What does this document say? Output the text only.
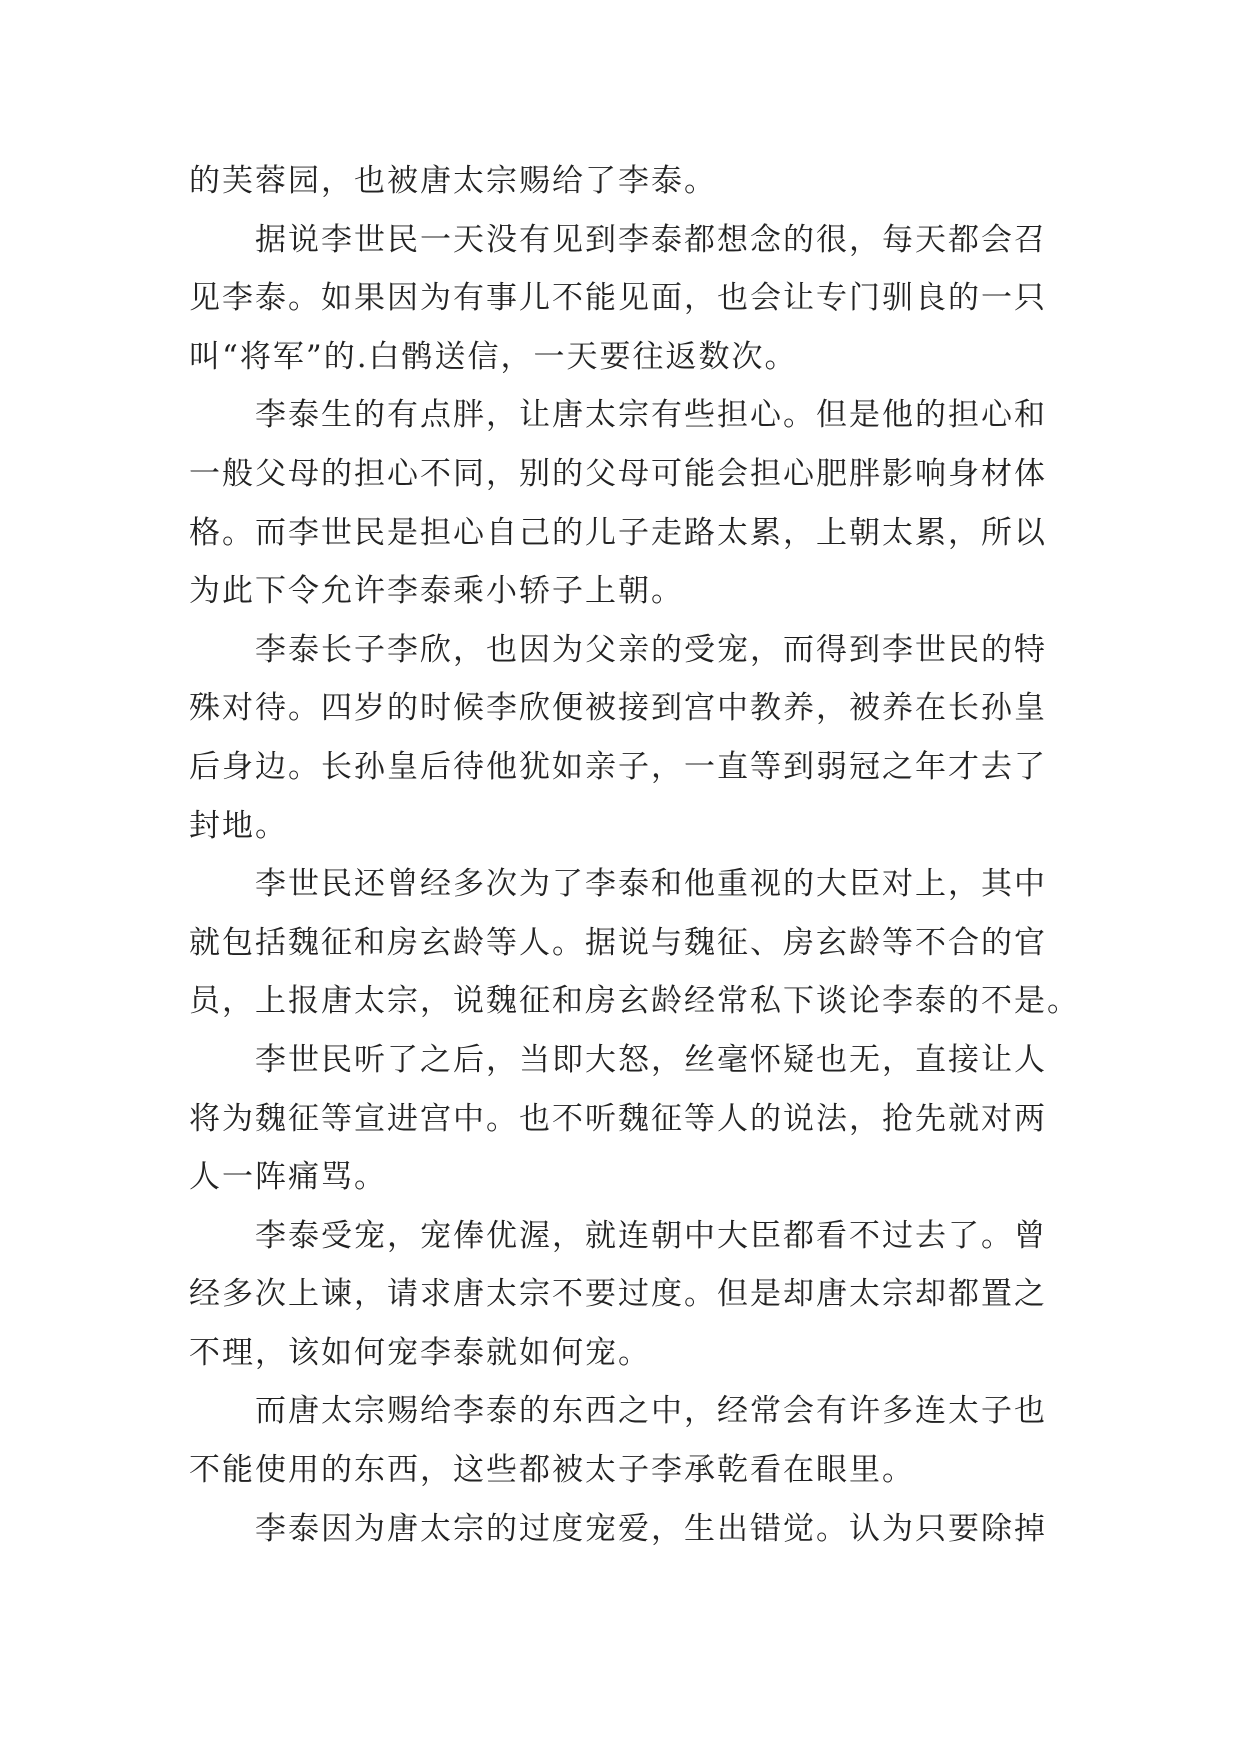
的芙蓉园，也被唐太宗赐给了李泰。
据说李世民一天没有见到李泰都想念的很，每天都会召
见李泰。如果因为有事儿不能见面，也会让专门驯良的一只
叫“将军”的.白鹘送信，一天要往返数次。
李泰生的有点胖，让唐太宗有些担心。但是他的担心和
一般父母的担心不同，别的父母可能会担心肥胖影响身材体
格。而李世民是担心自己的儿子走路太累，上朝太累，所以
为此下令允许李泰乘小轿子上朝。
李泰长子李欣，也因为父亲的受宠，而得到李世民的特
殊对待。四岁的时候李欣便被接到宫中教养，被养在长孙皇
后身边。长孙皇后待他犹如亲子，一直等到弱冠之年才去了
封地。
李世民还曾经多次为了李泰和他重视的大臣对上，其中
就包括魏征和房玄龄等人。据说与魏征、房玄龄等不合的官
员，上报唐太宗，说魏征和房玄龄经常私下谈论李泰的不是。
李世民听了之后，当即大怒，丝毫怀疑也无，直接让人
将为魏征等宣进宫中。也不听魏征等人的说法，抢先就对两
人一阵痛骂。
李泰受宠，宠俸优渥，就连朝中大臣都看不过去了。曾
经多次上谏，请求唐太宗不要过度。但是却唐太宗却都置之
不理，该如何宠李泰就如何宠。
而唐太宗赐给李泰的东西之中，经常会有许多连太子也
不能使用的东西，这些都被太子李承乾看在眼里。
李泰因为唐太宗的过度宠爱，生出错觉。认为只要除掉
